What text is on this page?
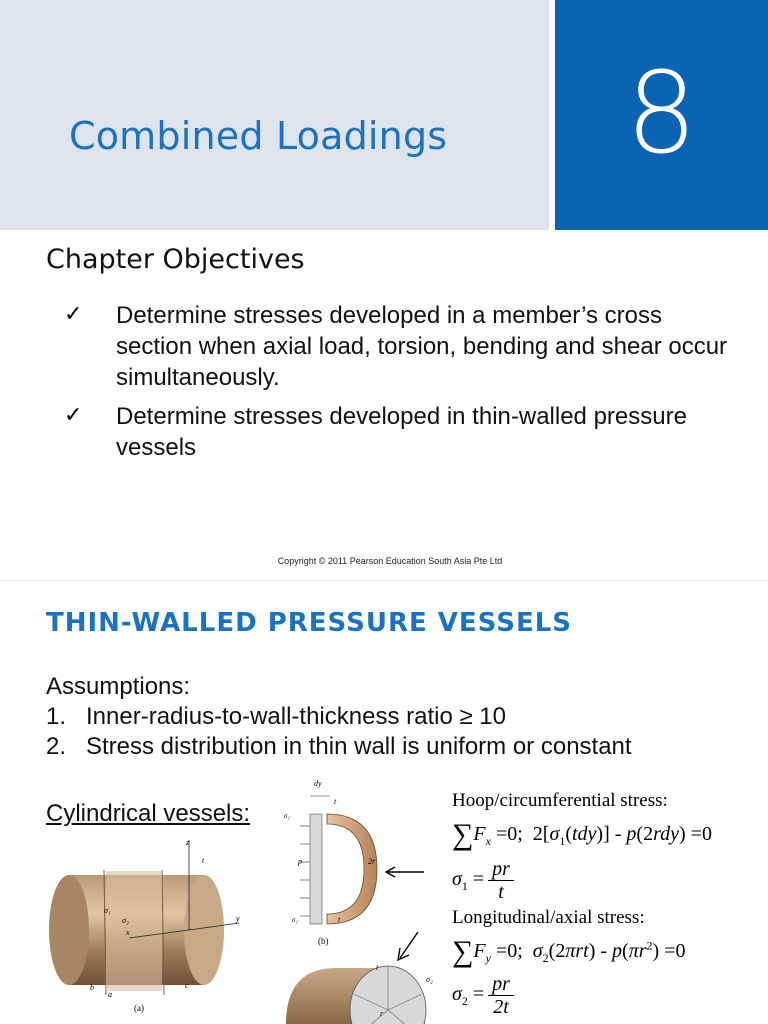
Combined Loadings	8
Chapter Objectives
✓	Determine stresses developed in a member’s cross section when axial load, torsion, bending and shear occur simultaneously.
✓	Determine stresses developed in thin-walled pressure vessels
Copyright © 2011 Pearson Education South Asia Pte Ltd
THIN-WALLED PRESSURE VESSELS
Assumptions:
1. Inner-radius-to-wall-thickness ratio ≥ 10
2. Stress distribution in thin wall is uniform or constant
Cylindrical vessels:
z
y
x
t
σ₁
σ₂
b
a
c
(a)
dy
t
σ₁
p	2r
σ₁	t
(b)
t
σ₂
r
Hoop/circumferential stress:
$\sum F_x =0$;  $2[\sigma_1(tdy)] - p(2rdy) =0$
$\sigma_1 = \frac{pr}{t}$
Longitudinal/axial stress:
$\sum F_y =0$;  $\sigma_2(2\pi rt) - p(\pi r^2) =0$
$\sigma_2 = \frac{pr}{2t}$
